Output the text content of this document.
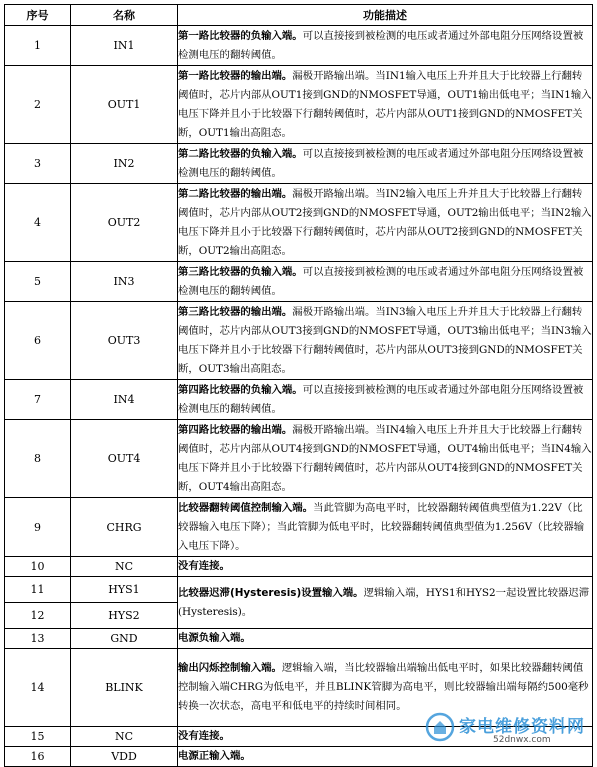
序号	名称	功能描述
1	IN1	第一路比较器的负输入端。可以直接接到被检测的电压或者通过外部电阻分压网络设置被检测电压的翻转阈值。
2	OUT1	第一路比较器的输出端。漏极开路输出端。当IN1输入电压上升并且大于比较器上行翻转阈值时，芯片内部从OUT1接到GND的NMOSFET导通，OUT1输出低电平；当IN1输入电压下降并且小于比较器下行翻转阈值时，芯片内部从OUT1接到GND的NMOSFET关断，OUT1输出高阻态。
3	IN2	第二路比较器的负输入端。可以直接接到被检测的电压或者通过外部电阻分压网络设置被检测电压的翻转阈值。
4	OUT2	第二路比较器的输出端。漏极开路输出端。当IN2输入电压上升并且大于比较器上行翻转阈值时，芯片内部从OUT2接到GND的NMOSFET导通，OUT2输出低电平；当IN2输入电压下降并且小于比较器下行翻转阈值时，芯片内部从OUT2接到GND的NMOSFET关断，OUT2输出高阻态。
5	IN3	第三路比较器的负输入端。可以直接接到被检测的电压或者通过外部电阻分压网络设置被检测电压的翻转阈值。
6	OUT3	第三路比较器的输出端。漏极开路输出端。当IN3输入电压上升并且大于比较器上行翻转阈值时，芯片内部从OUT3接到GND的NMOSFET导通，OUT3输出低电平；当IN3输入电压下降并且小于比较器下行翻转阈值时，芯片内部从OUT3接到GND的NMOSFET关断，OUT3输出高阻态。
7	IN4	第四路比较器的负输入端。可以直接接到被检测的电压或者通过外部电阻分压网络设置被检测电压的翻转阈值。
8	OUT4	第四路比较器的输出端。漏极开路输出端。当IN4输入电压上升并且大于比较器上行翻转阈值时，芯片内部从OUT4接到GND的NMOSFET导通，OUT4输出低电平；当IN4输入电压下降并且小于比较器下行翻转阈值时，芯片内部从OUT4接到GND的NMOSFET关断，OUT4输出高阻态。
9	CHRG	比较器翻转阈值控制输入端。当此管脚为高电平时，比较器翻转阈值典型值为1.22V（比较器输入电压下降）；当此管脚为低电平时，比较器翻转阈值典型值为1.256V（比较器输入电压下降）。
10	NC	没有连接。
11	HYS1	比较器迟滞(Hysteresis)设置输入端。逻辑输入端，HYS1和HYS2一起设置比较器迟滞(Hysteresis)。
12	HYS2	
13	GND	电源负输入端。
14	BLINK	输出闪烁控制输入端。逻辑输入端，当比较器输出端输出低电平时，如果比较器翻转阈值控制输入端CHRG为低电平，并且BLINK管脚为高电平，则比较器输出端每隔约500毫秒转换一次状态，高电平和低电平的持续时间相同。
15	NC	没有连接。
16	VDD	电源正输入端。
家电维修资料网
52dnwx.com
